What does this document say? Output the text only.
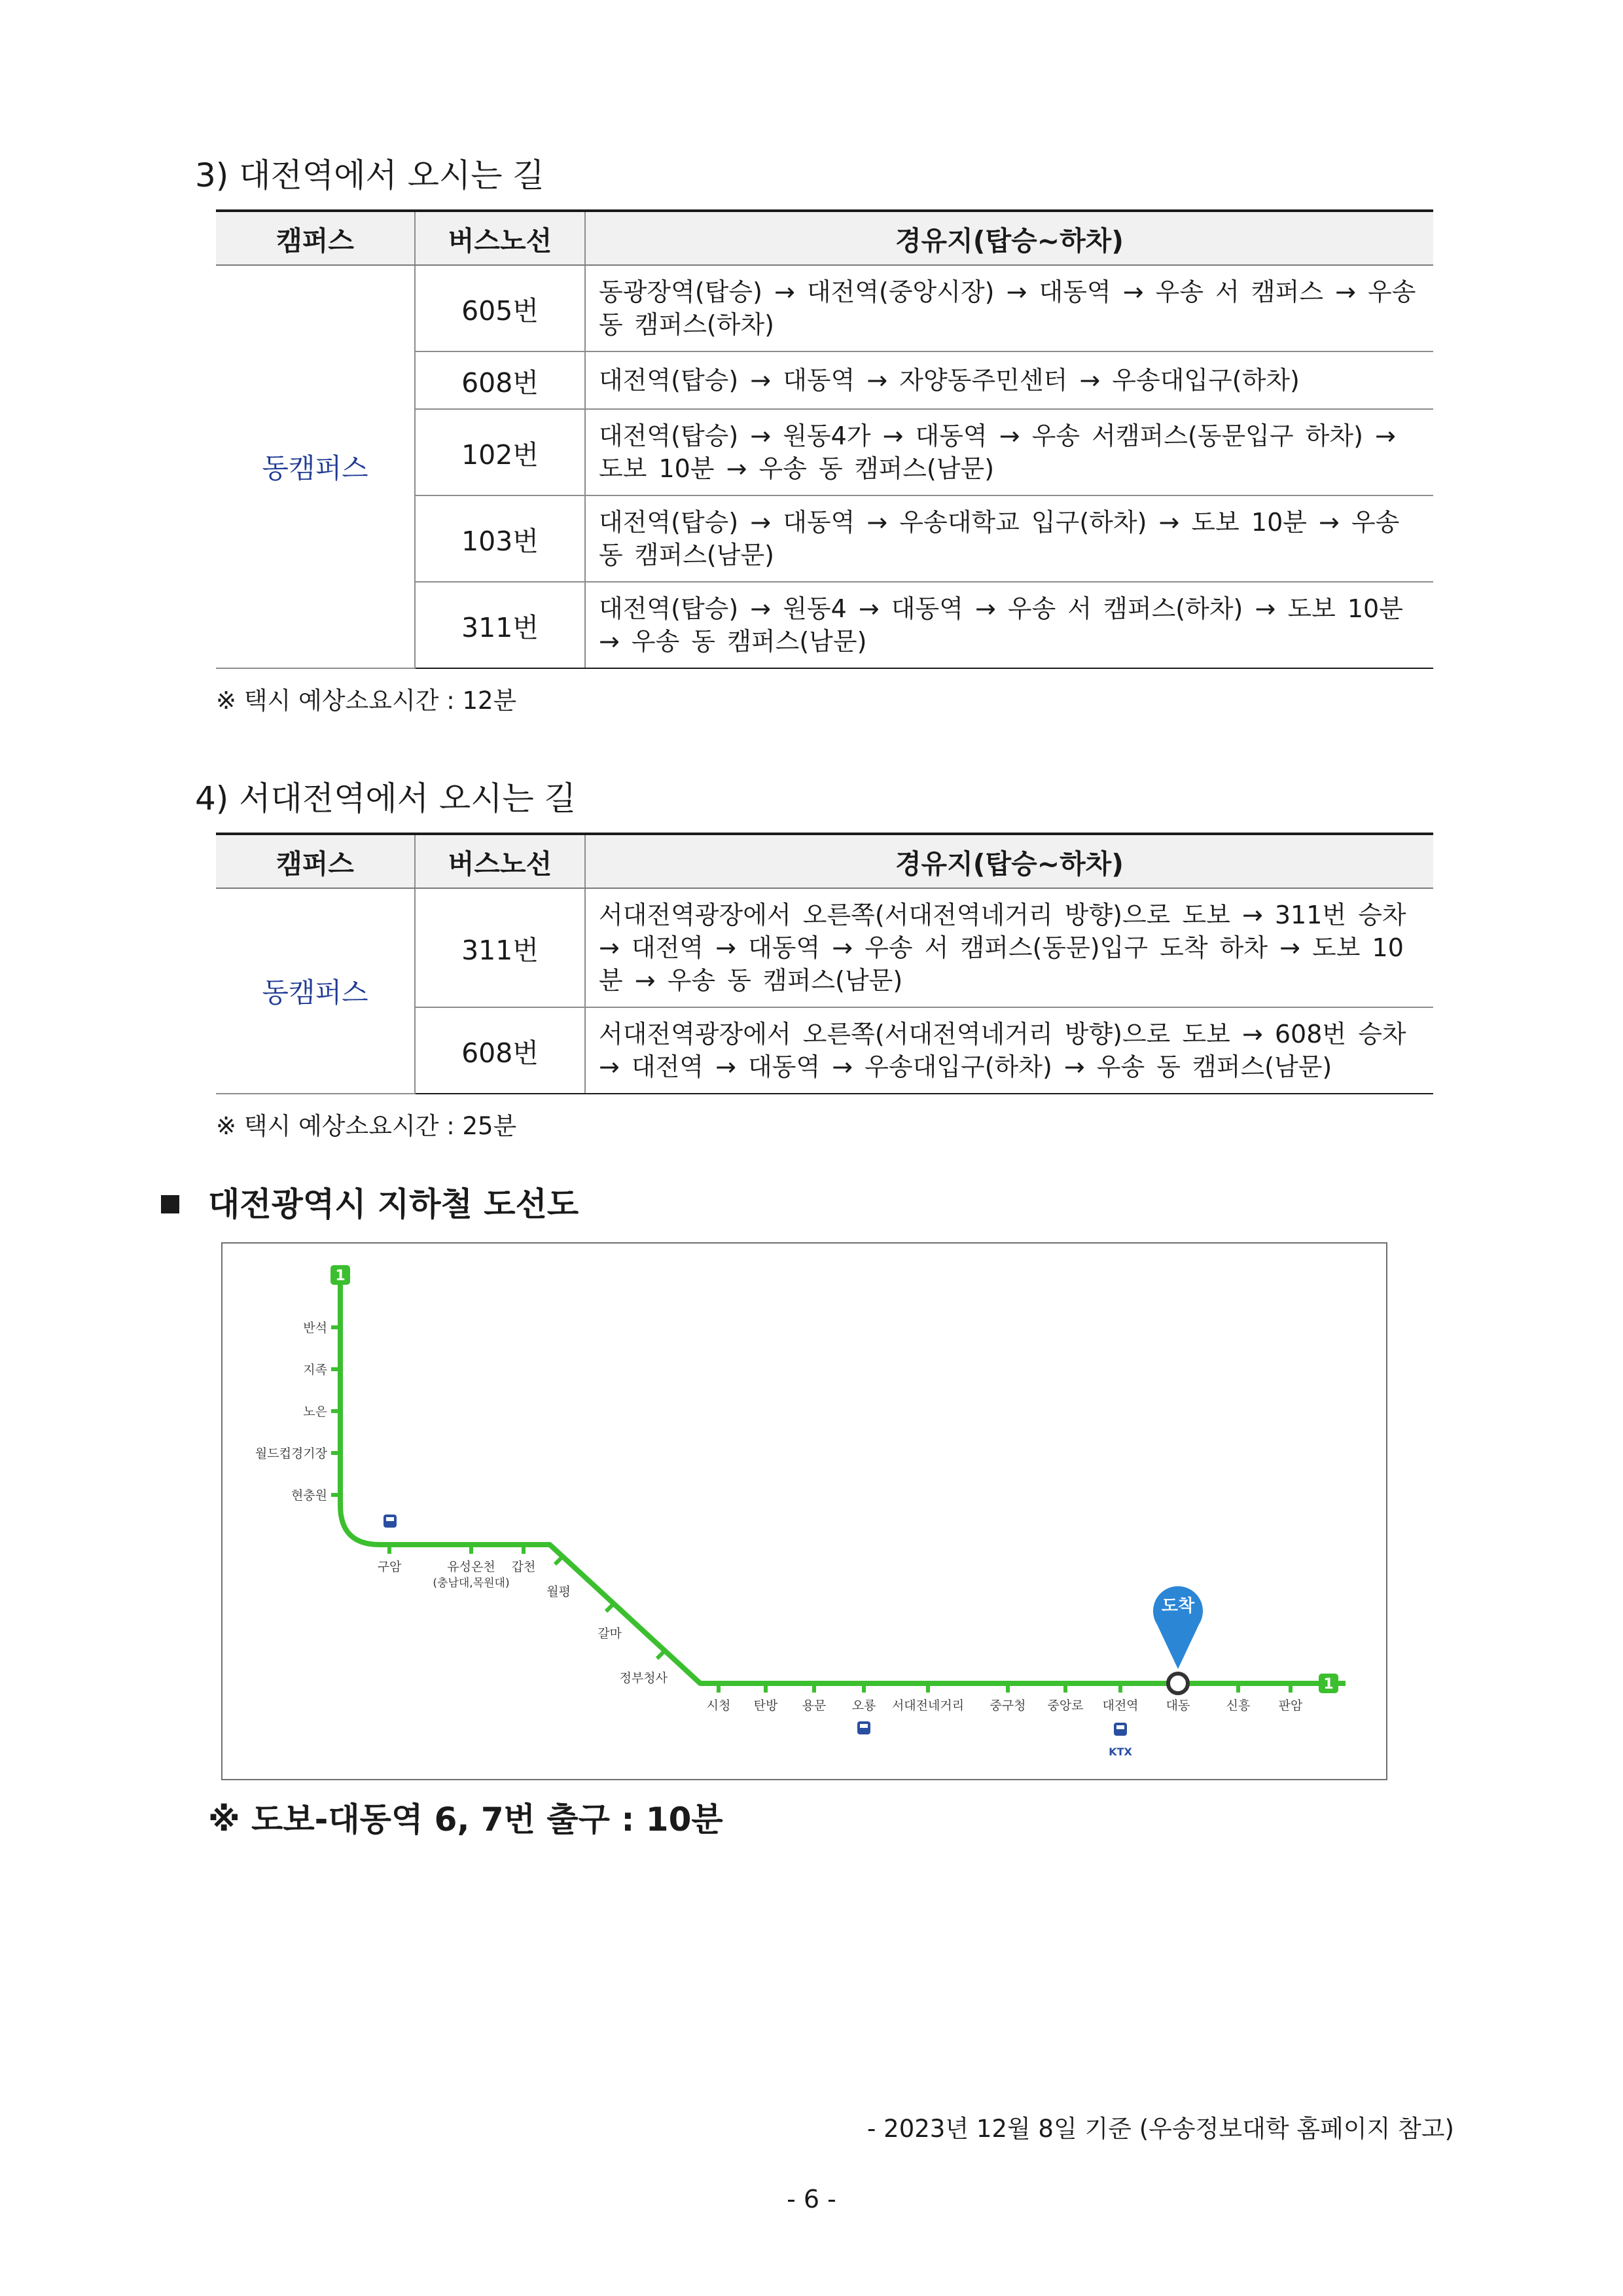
3) 대전역에서 오시는 길
캠퍼스	버스노선	경유지(탑승~하차)
동캠퍼스	605번	동광장역(탑승) → 대전역(중앙시장) → 대동역 → 우송 서 캠퍼스 → 우송 동 캠퍼스(하차)
	608번	대전역(탑승) → 대동역 → 자양동주민센터 → 우송대입구(하차)
	102번	대전역(탑승) → 원동4가 → 대동역 → 우송 서캠퍼스(동문입구 하차) → 도보 10분 → 우송 동 캠퍼스(남문)
	103번	대전역(탑승) → 대동역 → 우송대학교 입구(하차) → 도보 10분 → 우송 동 캠퍼스(남문)
	311번	대전역(탑승) → 원동4 → 대동역 → 우송 서 캠퍼스(하차) → 도보 10분 → 우송 동 캠퍼스(남문)
※ 택시 예상소요시간 : 12분
4) 서대전역에서 오시는 길
캠퍼스	버스노선	경유지(탑승~하차)
동캠퍼스	311번	서대전역광장에서 오른쪽(서대전역네거리 방향)으로 도보 → 311번 승차 → 대전역 → 대동역 → 우송 서 캠퍼스(동문)입구 도착 하차 → 도보 10분 → 우송 동 캠퍼스(남문)
	608번	서대전역광장에서 오른쪽(서대전역네거리 방향)으로 도보 → 608번 승차 → 대전역 → 대동역 → 우송대입구(하차) → 우송 동 캠퍼스(남문)
※ 택시 예상소요시간 : 25분
대전광역시 지하철 도선도
1
1
반석
지족
노은
월드컵경기장
현충원
구암	유성온천 갑천
(충남대,목원대)
월평
갈마
정부청사
시청 탄방 용문 오룡 서대전네거리 중구청 중앙로 대전역 대동	신흥 판암
도착
KTX
※ 도보-대동역 6, 7번 출구 : 10분
- 2023년 12월 8일 기준 (우송정보대학 홈페이지 참고)
- 6 -
